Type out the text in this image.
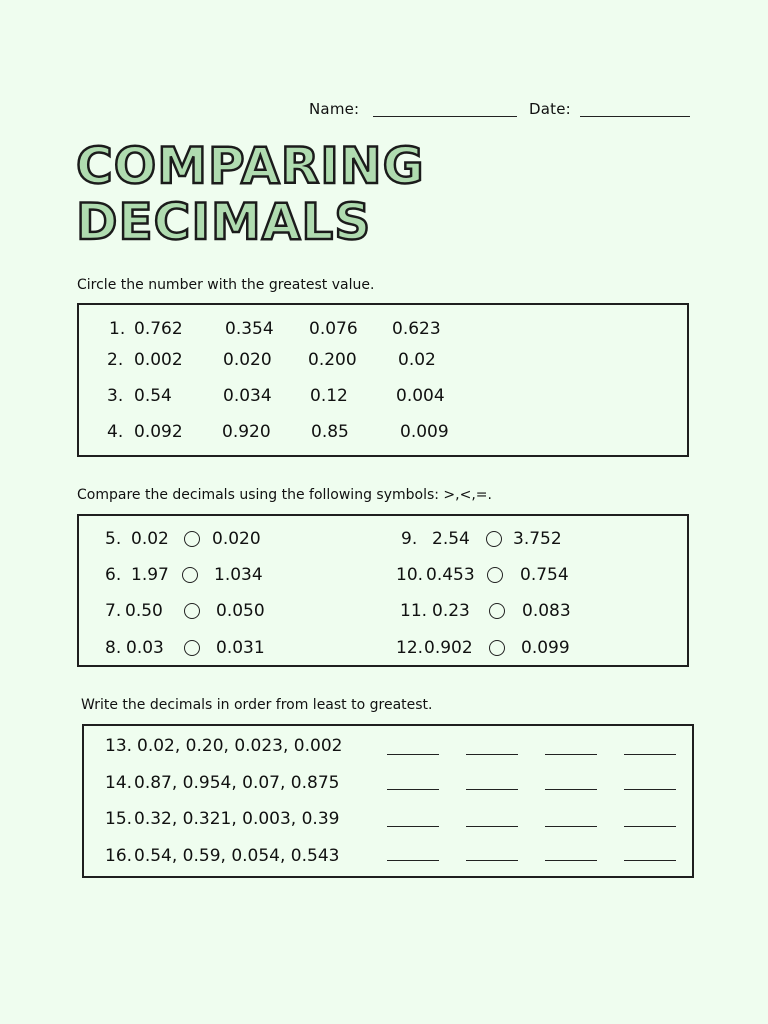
Name:	Date:
COMPARING
DECIMALS
Circle the number with the greatest value.
1. 0.762 0.354 0.076 0.623
2. 0.002 0.020 0.200 0.02
3. 0.54	0.034 0.12	0.004
4. 0.092 0.920 0.85	0.009
Compare the decimals using the following symbols: >,<,=.
5. 0.02	0.020
6. 1.97	1.034
7. 0.50	0.050
8. 0.03	0.031
9. 2.54	3.752
10. 0.453	0.754
11. 0.23	0.083
12. 0.902	0.099
Write the decimals in order from least to greatest.
13. 0.02, 0.20, 0.023, 0.002
14. 0.87, 0.954, 0.07, 0.875
15. 0.32, 0.321, 0.003, 0.39
16. 0.54, 0.59, 0.054, 0.543
